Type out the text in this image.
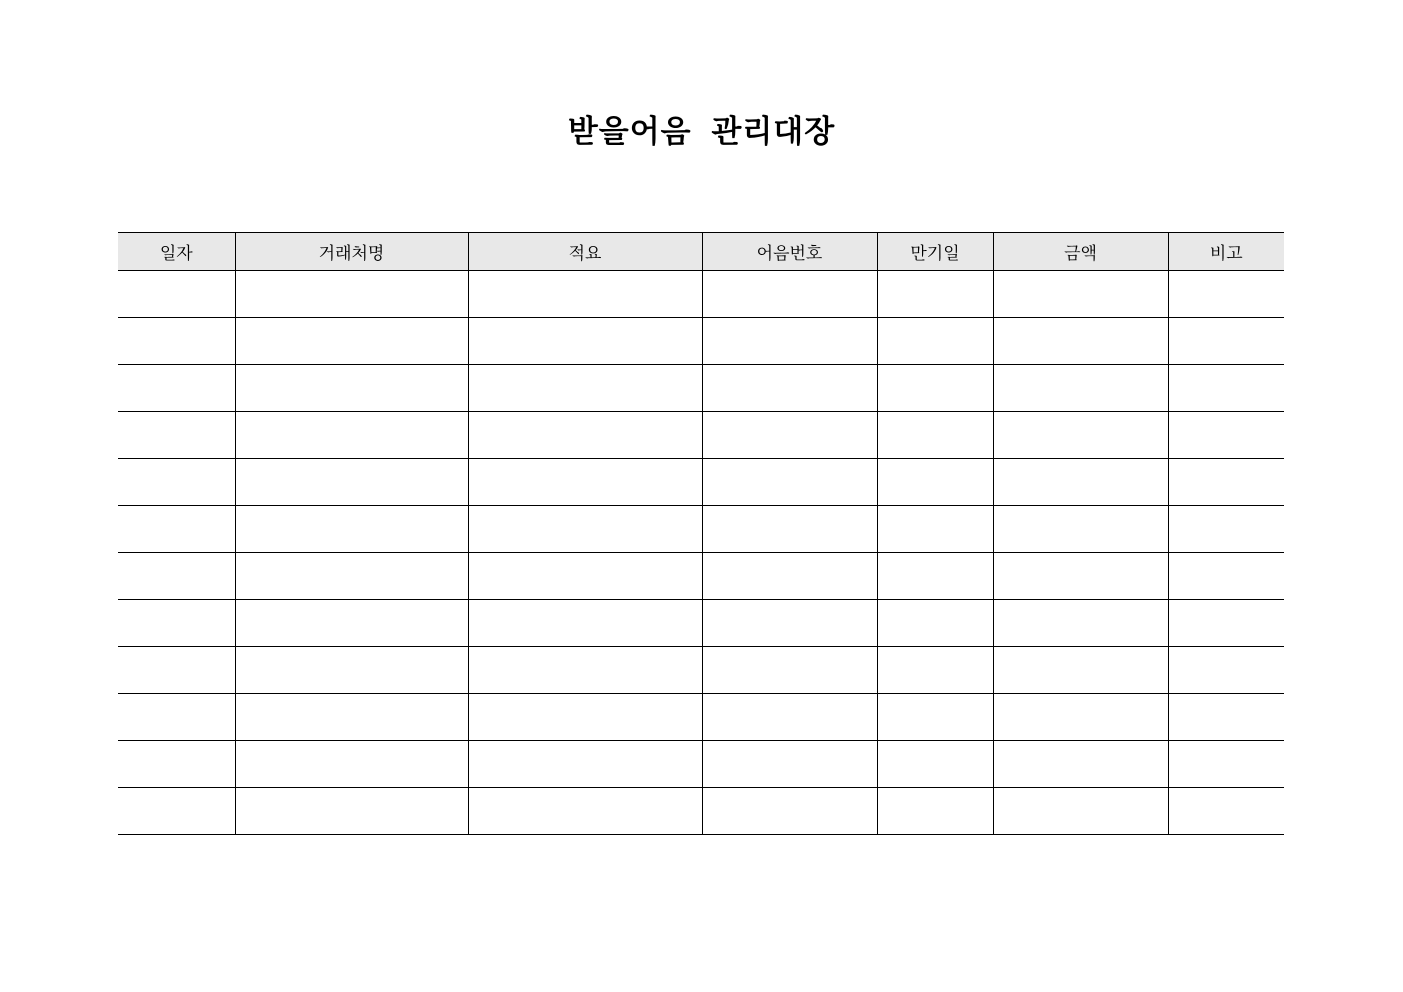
받을어음 관리대장
일자	거래처명	적요	어음번호	만기일	금액	비고
